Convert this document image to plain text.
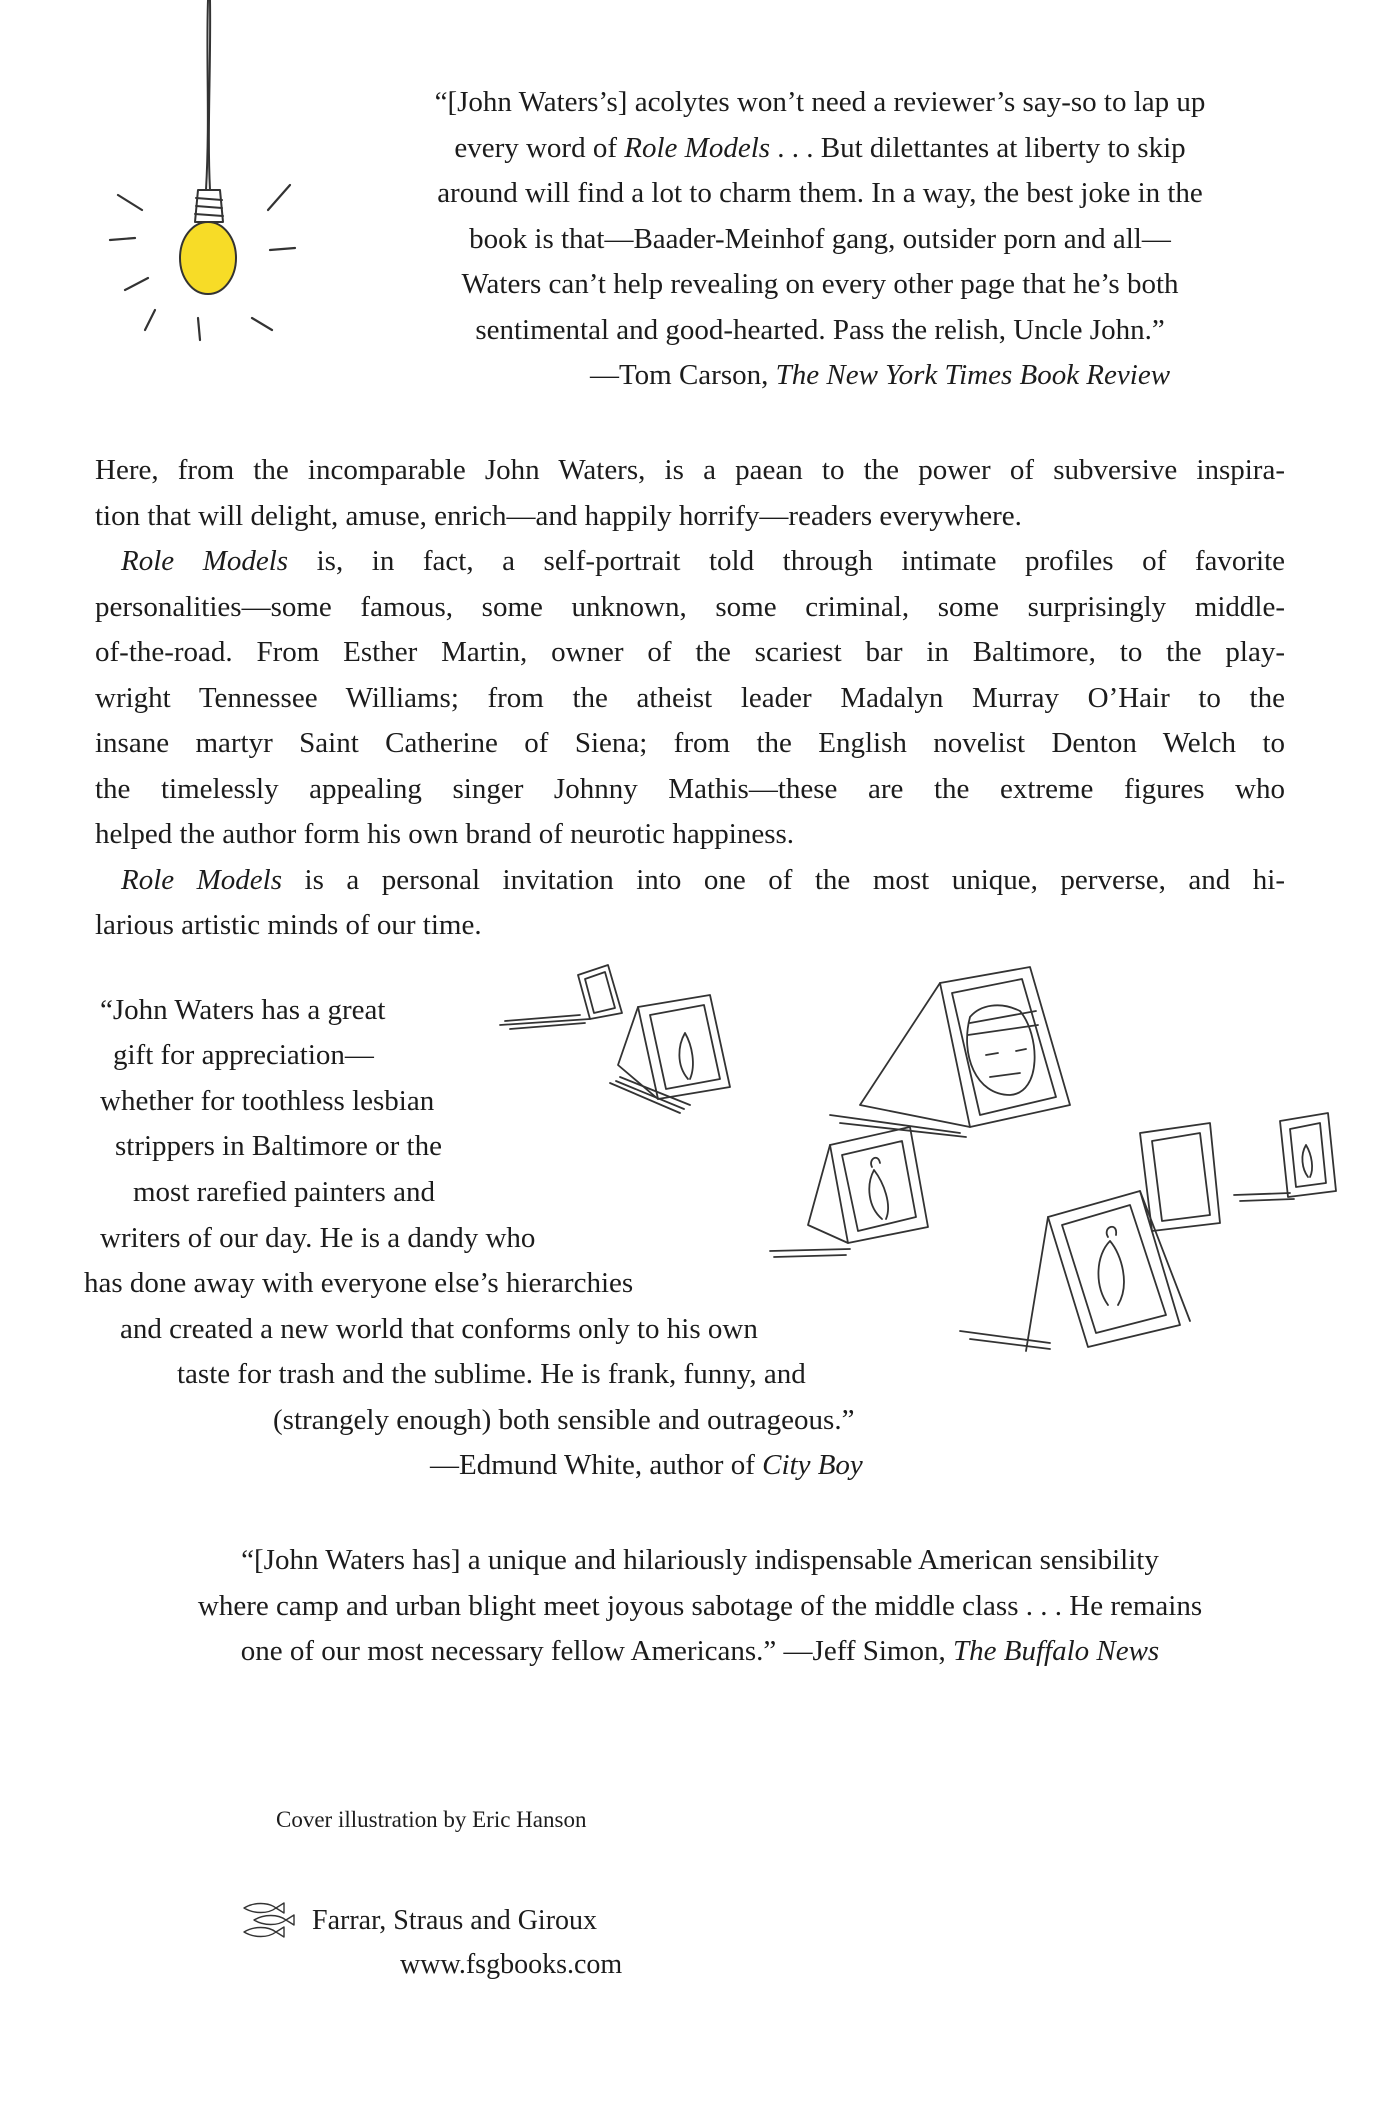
“[John Waters’s] acolytes won’t need a reviewer’s say-so to lap up
every word of Role Models . . . But dilettantes at liberty to skip
around will find a lot to charm them. In a way, the best joke in the
book is that—Baader-Meinhof gang, outsider porn and all—
Waters can’t help revealing on every other page that he’s both
sentimental and good-hearted. Pass the relish, Uncle John.”
—Tom Carson, The New York Times Book Review
Here, from the incomparable John Waters, is a paean to the power of subversive inspira-
tion that will delight, amuse, enrich—and happily horrify—readers everywhere.
Role Models is, in fact, a self-portrait told through intimate profiles of favorite
personalities—some famous, some unknown, some criminal, some surprisingly middle-
of-the-road. From Esther Martin, owner of the scariest bar in Baltimore, to the play-
wright Tennessee Williams; from the atheist leader Madalyn Murray O’Hair to the
insane martyr Saint Catherine of Siena; from the English novelist Denton Welch to
the timelessly appealing singer Johnny Mathis—these are the extreme figures who
helped the author form his own brand of neurotic happiness.
Role Models is a personal invitation into one of the most unique, perverse, and hi-
larious artistic minds of our time.
“John Waters has a great
gift for appreciation—
whether for toothless lesbian
strippers in Baltimore or the
most rarefied painters and
writers of our day. He is a dandy who
has done away with everyone else’s hierarchies
and created a new world that conforms only to his own
taste for trash and the sublime. He is frank, funny, and
(strangely enough) both sensible and outrageous.”
—Edmund White, author of City Boy
“[John Waters has] a unique and hilariously indispensable American sensibility
where camp and urban blight meet joyous sabotage of the middle class . . . He remains
one of our most necessary fellow Americans.” —Jeff Simon, The Buffalo News
Cover illustration by Eric Hanson
Farrar, Straus and Giroux
www.fsgbooks.com
